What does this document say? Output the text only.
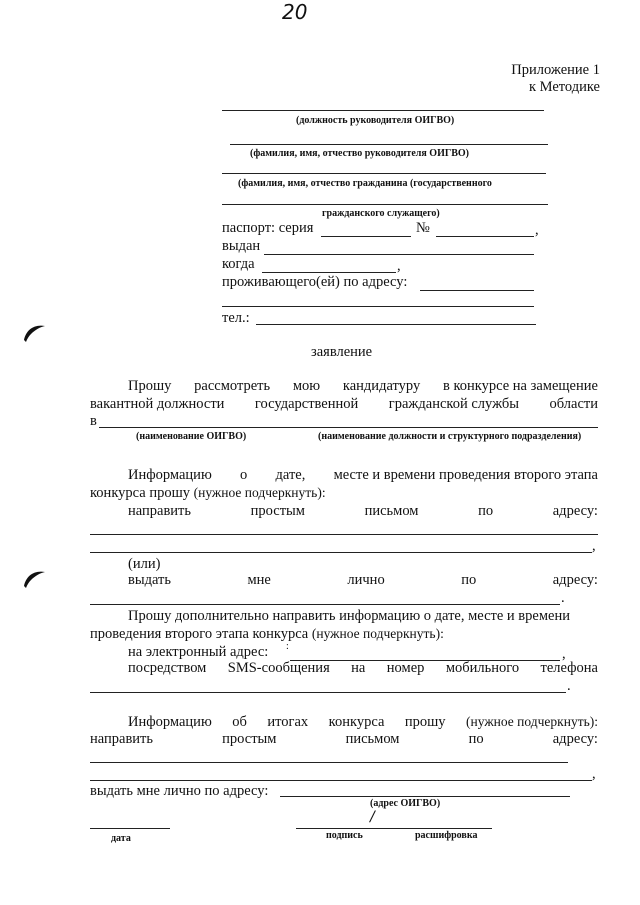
20
Приложение 1
к Методике
(должность руководителя ОИГВО)
(фамилия, имя, отчество руководителя ОИГВО)
(фамилия, имя, отчество гражданина (государственного
гражданского служащего)
паспорт: серия	№	,
выдан
когда	,
проживающего(ей) по адресу:
тел.:
заявление
Прошу рассмотреть мою кандидатуру в конкурсе на замещение
вакантной должности государственной гражданской службы области
в
(наименование ОИГВО)	(наименование должности и структурного подразделения)
Информацию о дате, месте и времени проведения второго этапа
конкурса прошу (нужное подчеркнуть):
направить	простым	письмом	по	адресу:
,
(или)
выдать	мне	лично	по	адресу:
.
Прошу дополнительно направить информацию о дате, месте и времени
проведения второго этапа конкурса (нужное подчеркнуть):
на электронный адрес: :	,
посредством SMS-сообщения на номер мобильного телефона
.
Информацию об итогах конкурса прошу (нужное подчеркнуть):
направить	простым	письмом	по	адресу:
,
выдать мне лично по адресу:
(адрес ОИГВО)
/
дата	подпись	расшифровка
